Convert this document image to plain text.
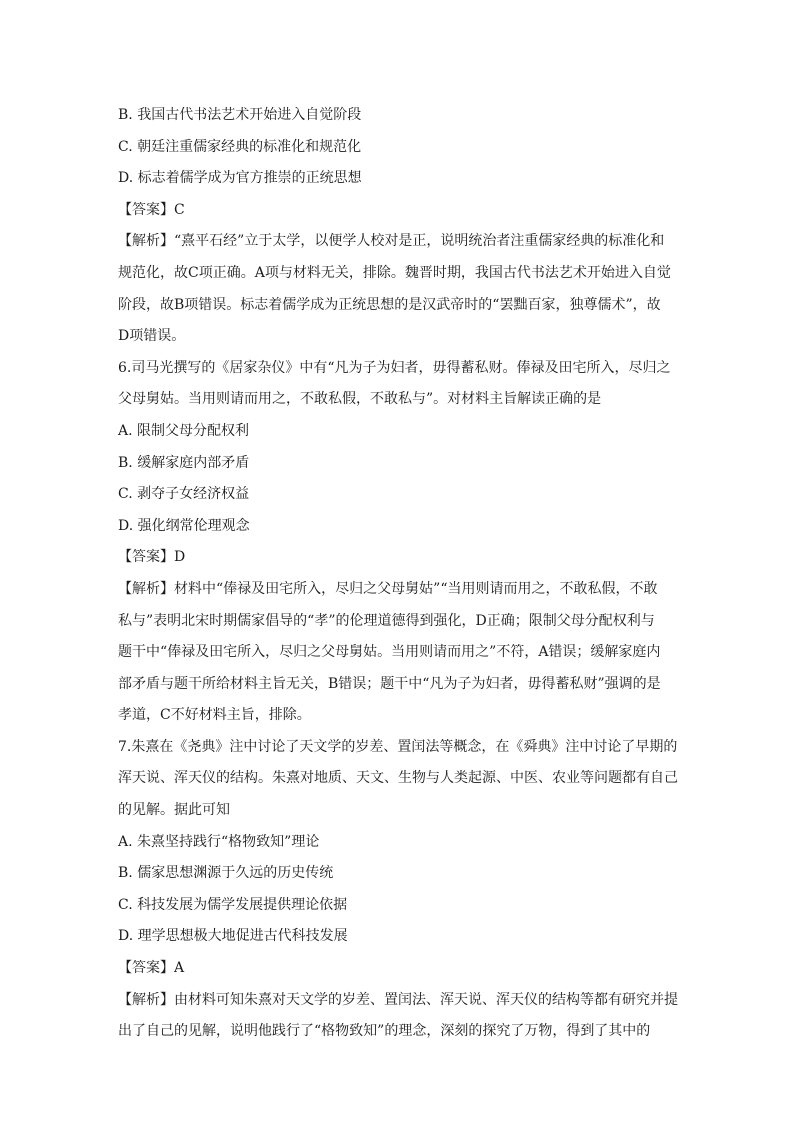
B. 我国古代书法艺术开始进入自觉阶段

C. 朝廷注重儒家经典的标准化和规范化

D. 标志着儒学成为官方推崇的正统思想

【答案】C

【解析】“熹平石经”立于太学，以便学人校对是正，说明统治者注重儒家经典的标准化和

规范化，故C项正确。A项与材料无关，排除。魏晋时期，我国古代书法艺术开始进入自觉

阶段，故B项错误。标志着儒学成为正统思想的是汉武帝时的“罢黜百家，独尊儒术”，故

D项错误。

6.司马光撰写的《居家杂仪》中有“凡为子为妇者，毋得蓄私财。俸禄及田宅所入，尽归之

父母舅姑。当用则请而用之，不敢私假，不敢私与”。对材料主旨解读正确的是

A. 限制父母分配权利

B. 缓解家庭内部矛盾

C. 剥夺子女经济权益

D. 强化纲常伦理观念

【答案】D

【解析】材料中“俸禄及田宅所入，尽归之父母舅姑”“当用则请而用之，不敢私假，不敢

私与”表明北宋时期儒家倡导的“孝”的伦理道德得到强化，D正确；限制父母分配权利与

题干中“俸禄及田宅所入，尽归之父母舅姑。当用则请而用之”不符，A错误；缓解家庭内

部矛盾与题干所给材料主旨无关，B错误；题干中“凡为子为妇者，毋得蓄私财”强调的是

孝道，C不好材料主旨，排除。

7.朱熹在《尧典》注中讨论了天文学的岁差、置闰法等概念，在《舜典》注中讨论了早期的

浑天说、浑天仪的结构。朱熹对地质、天文、生物与人类起源、中医、农业等问题都有自己

的见解。据此可知

A. 朱熹坚持践行“格物致知”理论

B. 儒家思想渊源于久远的历史传统

C. 科技发展为儒学发展提供理论依据

D. 理学思想极大地促进古代科技发展

【答案】A

【解析】由材料可知朱熹对天文学的岁差、置闰法、浑天说、浑天仪的结构等都有研究并提

出了自己的见解，说明他践行了“格物致知”的理念，深刻的探究了万物，得到了其中的
